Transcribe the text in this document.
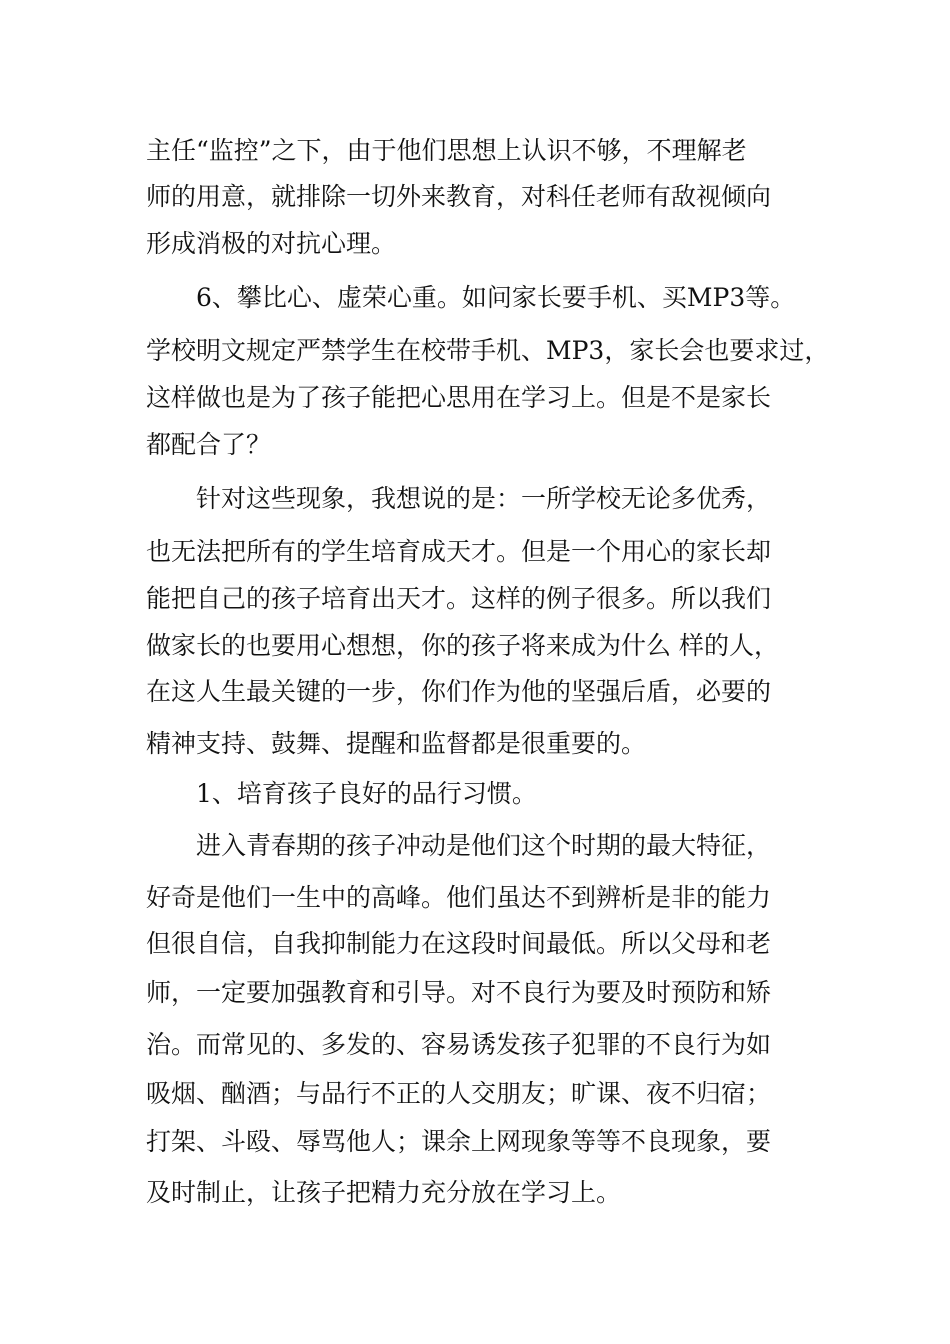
主任“监控”之下，由于他们思想上认识不够，不理解老

师的用意，就排除一切外来教育，对科任老师有敌视倾向

形成消极的对抗心理。

6、攀比心、虚荣心重。如问家长要手机、买MP3等。

学校明文规定严禁学生在校带手机、MP3，家长会也要求过，

这样做也是为了孩子能把心思用在学习上。但是不是家长

都配合了？

针对这些现象，我想说的是：一所学校无论多优秀，

也无法把所有的学生培育成天才。但是一个用心的家长却

能把自己的孩子培育出天才。这样的例子很多。所以我们

做家长的也要用心想想，你的孩子将来成为什么 样的人，

在这人生最关键的一步，你们作为他的坚强后盾，必要的

精神支持、鼓舞、提醒和监督都是很重要的。

1、培育孩子良好的品行习惯。

进入青春期的孩子冲动是他们这个时期的最大特征，

好奇是他们一生中的高峰。他们虽达不到辨析是非的能力

但很自信，自我抑制能力在这段时间最低。所以父母和老

师，一定要加强教育和引导。对不良行为要及时预防和矫

治。而常见的、多发的、容易诱发孩子犯罪的不良行为如

吸烟、酗酒；与品行不正的人交朋友；旷课、夜不归宿；

打架、斗殴、辱骂他人；课余上网现象等等不良现象，要

及时制止，让孩子把精力充分放在学习上。
